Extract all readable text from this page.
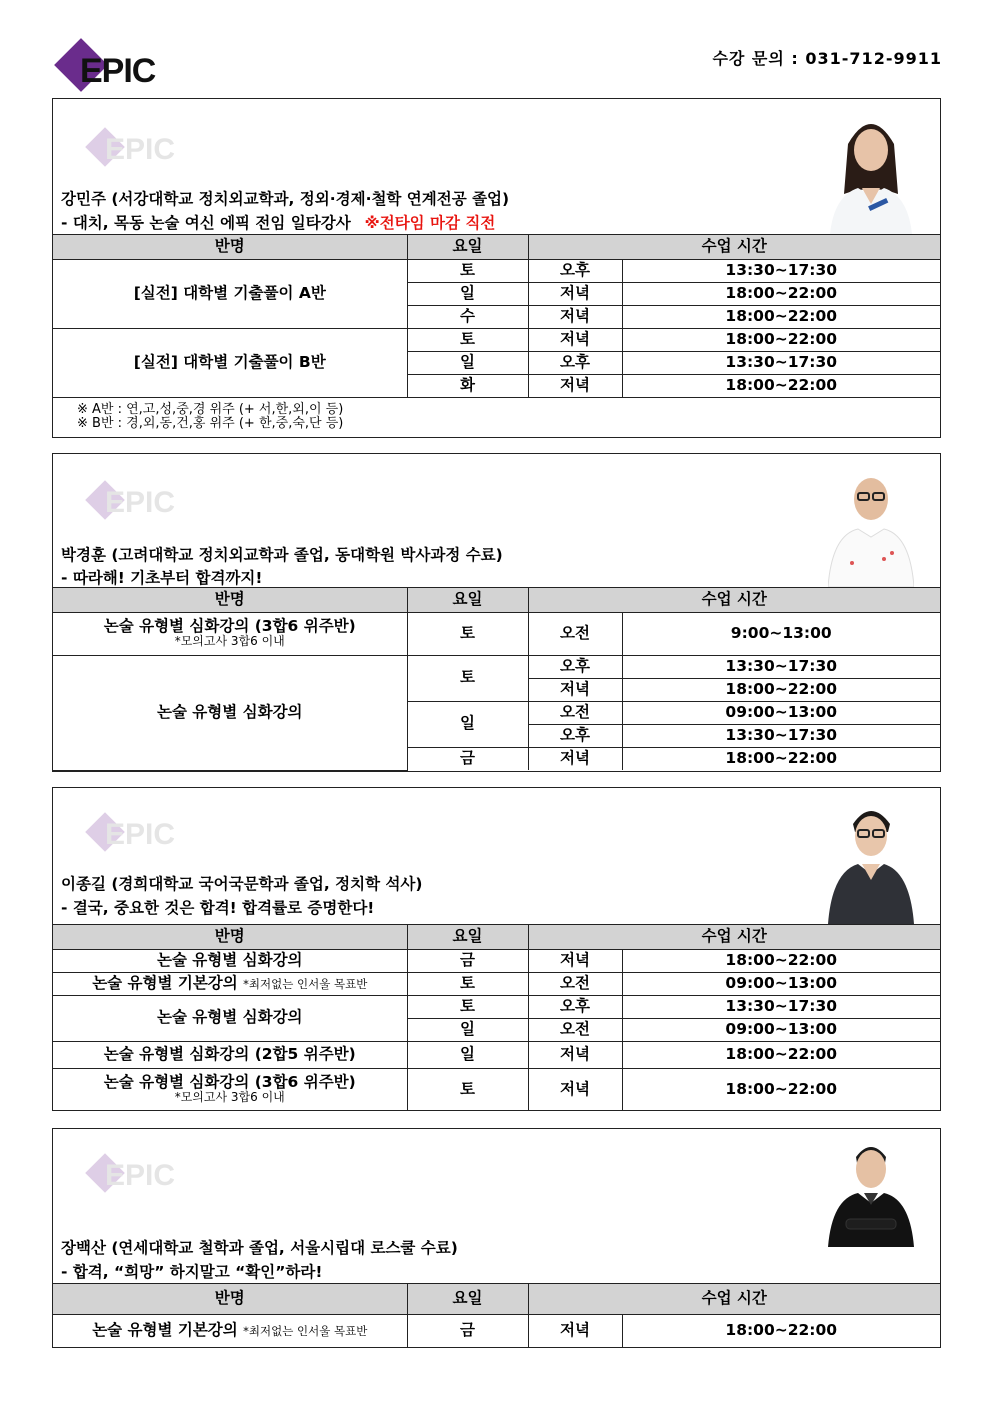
EPIC	수강 문의 : 031-712-9911
EPIC
강민주 (서강대학교 정치외교학과, 정외·경제·철학 연계전공 졸업)
- 대치, 목동 논술 여신 에픽 전임 일타강사 ※전타임 마감 직전
반명	요일	수업 시간	
[실전] 대학별 기출풀이 A반	토	오후	13:30~17:30
	일	저녁	18:00~22:00
	수	저녁	18:00~22:00
[실전] 대학별 기출풀이 B반	토	저녁	18:00~22:00
	일	오후	13:30~17:30
	화	저녁	18:00~22:00

※ A반 : 연,고,성,중,경 위주 (+ 서,한,외,이 등)
※ B반 : 경,외,동,건,홍 위주 (+ 한,중,숙,단 등)			
EPIC
박경훈 (고려대학교 정치외교학과 졸업, 동대학원 박사과정 수료)
- 따라해! 기초부터 합격까지!
반명	요일	수업 시간	
논술 유형별 심화강의 (3합6 위주반)
*모의고사 3합6 이내	토	오전	9:00~13:00
논술 유형별 심화강의	토	오후	13:30~17:30
		저녁	18:00~22:00
	일	오전	09:00~13:00
		오후	13:30~17:30
	금	저녁	18:00~22:00
EPIC
이종길 (경희대학교 국어국문학과 졸업, 정치학 석사)
- 결국, 중요한 것은 합격! 합격률로 증명한다!
반명	요일	수업 시간	
논술 유형별 심화강의	금	저녁	18:00~22:00
논술 유형별 기본강의 *최저없는 인서울 목표반	토	오전	09:00~13:00
논술 유형별 심화강의	토	오후	13:30~17:30
	일	오전	09:00~13:00
논술 유형별 심화강의 (2합5 위주반)	일	저녁	18:00~22:00
논술 유형별 심화강의 (3합6 위주반)
*모의고사 3합6 이내	토	저녁	18:00~22:00
EPIC
장백산 (연세대학교 철학과 졸업, 서울시립대 로스쿨 수료)
- 합격, “희망” 하지말고 “확인”하라!
반명	요일	수업 시간	
논술 유형별 기본강의 *최저없는 인서울 목표반	금	저녁	18:00~22:00
